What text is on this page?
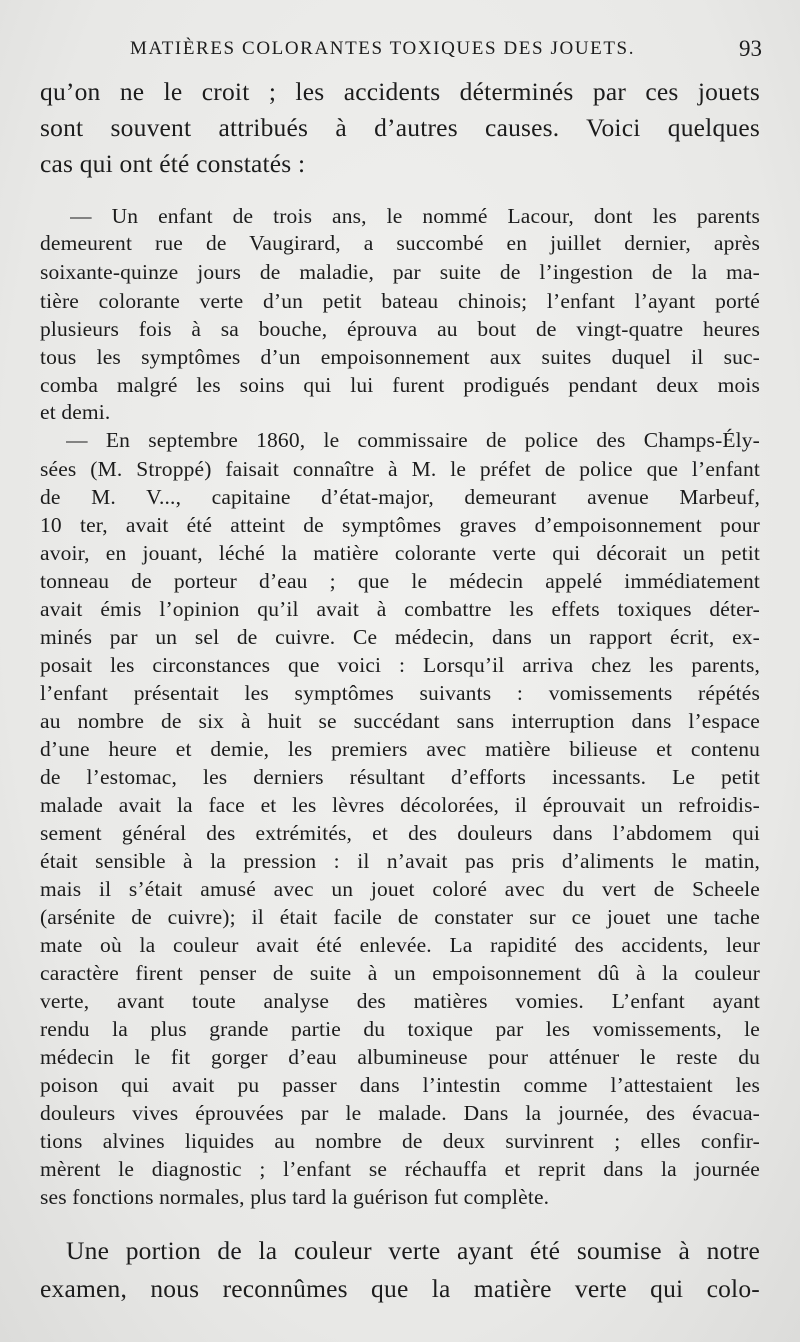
MATIÈRES COLORANTES TOXIQUES DES JOUETS.	93
qu’on ne le croit ; les accidents déterminés par ces jouets
sont souvent attribués à d’autres causes. Voici quelques
cas qui ont été constatés :
— Un enfant de trois ans, le nommé Lacour, dont les parents
demeurent rue de Vaugirard, a succombé en juillet dernier, après
soixante-quinze jours de maladie, par suite de l’ingestion de la ma-
tière colorante verte d’un petit bateau chinois; l’enfant l’ayant porté
plusieurs fois à sa bouche, éprouva au bout de vingt-quatre heures
tous les symptômes d’un empoisonnement aux suites duquel il suc-
comba malgré les soins qui lui furent prodigués pendant deux mois
et demi.
— En septembre 1860, le commissaire de police des Champs-Ély-
sées (M. Stroppé) faisait connaître à M. le préfet de police que l’enfant
de M. V..., capitaine d’état-major, demeurant avenue Marbeuf,
10 ter, avait été atteint de symptômes graves d’empoisonnement pour
avoir, en jouant, léché la matière colorante verte qui décorait un petit
tonneau de porteur d’eau ; que le médecin appelé immédiatement
avait émis l’opinion qu’il avait à combattre les effets toxiques déter-
minés par un sel de cuivre. Ce médecin, dans un rapport écrit, ex-
posait les circonstances que voici : Lorsqu’il arriva chez les parents,
l’enfant présentait les symptômes suivants : vomissements répétés
au nombre de six à huit se succédant sans interruption dans l’espace
d’une heure et demie, les premiers avec matière bilieuse et contenu
de l’estomac, les derniers résultant d’efforts incessants. Le petit
malade avait la face et les lèvres décolorées, il éprouvait un refroidis-
sement général des extrémités, et des douleurs dans l’abdomem qui
était sensible à la pression : il n’avait pas pris d’aliments le matin,
mais il s’était amusé avec un jouet coloré avec du vert de Scheele
(arsénite de cuivre); il était facile de constater sur ce jouet une tache
mate où la couleur avait été enlevée. La rapidité des accidents, leur
caractère firent penser de suite à un empoisonnement dû à la couleur
verte, avant toute analyse des matières vomies. L’enfant ayant
rendu la plus grande partie du toxique par les vomissements, le
médecin le fit gorger d’eau albumineuse pour atténuer le reste du
poison qui avait pu passer dans l’intestin comme l’attestaient les
douleurs vives éprouvées par le malade. Dans la journée, des évacua-
tions alvines liquides au nombre de deux survinrent ; elles confir-
mèrent le diagnostic ; l’enfant se réchauffa et reprit dans la journée
ses fonctions normales, plus tard la guérison fut complète.
Une portion de la couleur verte ayant été soumise à notre
examen, nous reconnûmes que la matière verte qui colo-
